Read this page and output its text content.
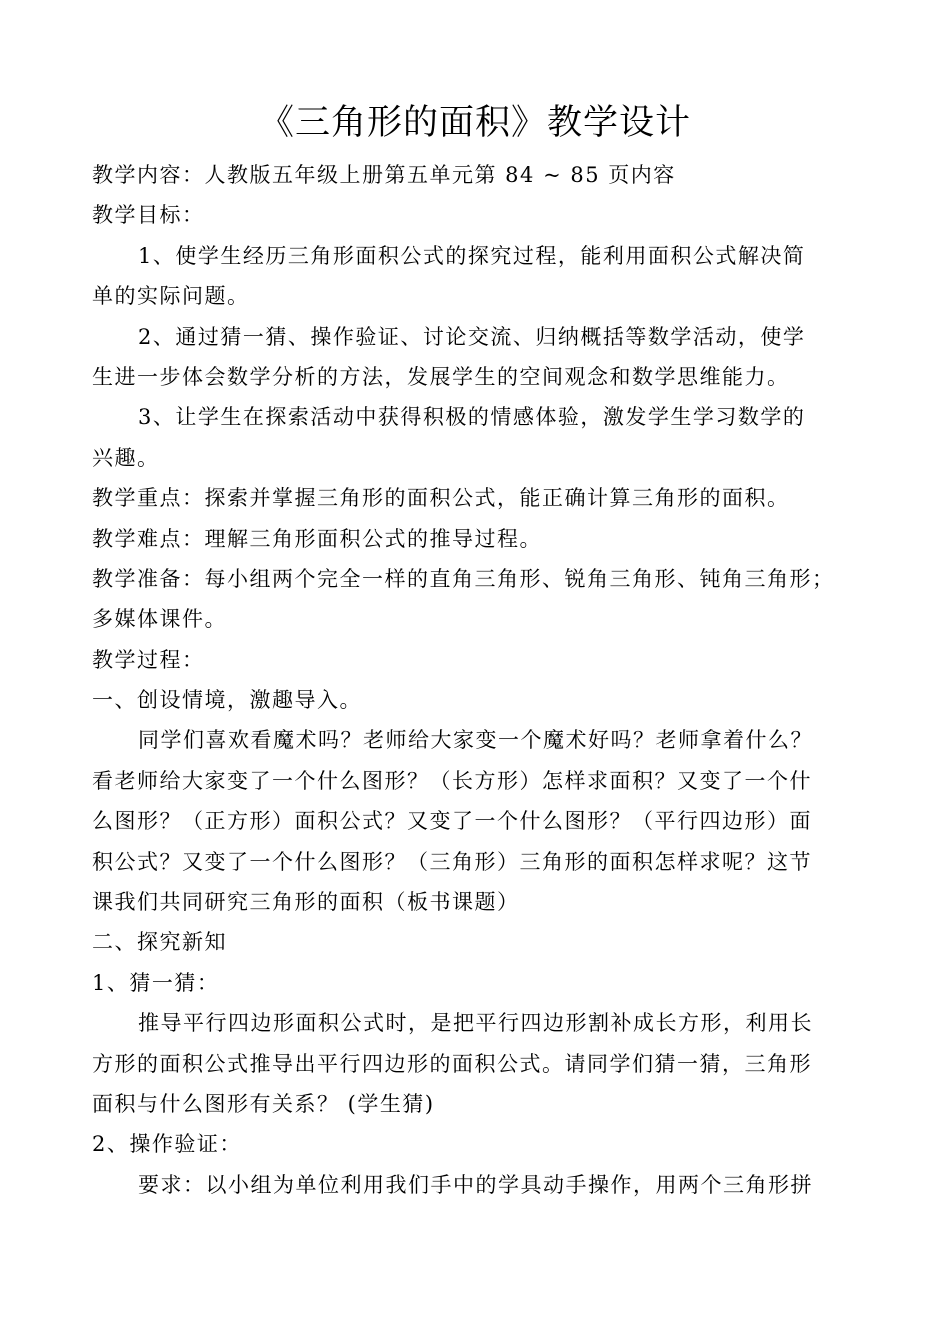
《三角形的面积》教学设计
教学内容：人教版五年级上册第五单元第 84 ~ 85 页内容
教学目标：
1、使学生经历三角形面积公式的探究过程，能利用面积公式解决简
单的实际问题。
2、通过猜一猜、操作验证、讨论交流、归纳概括等数学活动，使学
生进一步体会数学分析的方法，发展学生的空间观念和数学思维能力。
3、让学生在探索活动中获得积极的情感体验，激发学生学习数学的
兴趣。
教学重点：探索并掌握三角形的面积公式，能正确计算三角形的面积。
教学难点：理解三角形面积公式的推导过程。
教学准备：每小组两个完全一样的直角三角形、锐角三角形、钝角三角形；
多媒体课件。
教学过程：
一、创设情境，激趣导入。
同学们喜欢看魔术吗？老师给大家变一个魔术好吗？老师拿着什么？
看老师给大家变了一个什么图形？（长方形）怎样求面积？又变了一个什
么图形？（正方形）面积公式？又变了一个什么图形？（平行四边形）面
积公式？又变了一个什么图形？（三角形）三角形的面积怎样求呢？这节
课我们共同研究三角形的面积（板书课题）
二、探究新知
1、猜一猜：
推导平行四边形面积公式时，是把平行四边形割补成长方形，利用长
方形的面积公式推导出平行四边形的面积公式。请同学们猜一猜，三角形
面积与什么图形有关系？ (学生猜)
2、操作验证：
要求：以小组为单位利用我们手中的学具动手操作，用两个三角形拼
